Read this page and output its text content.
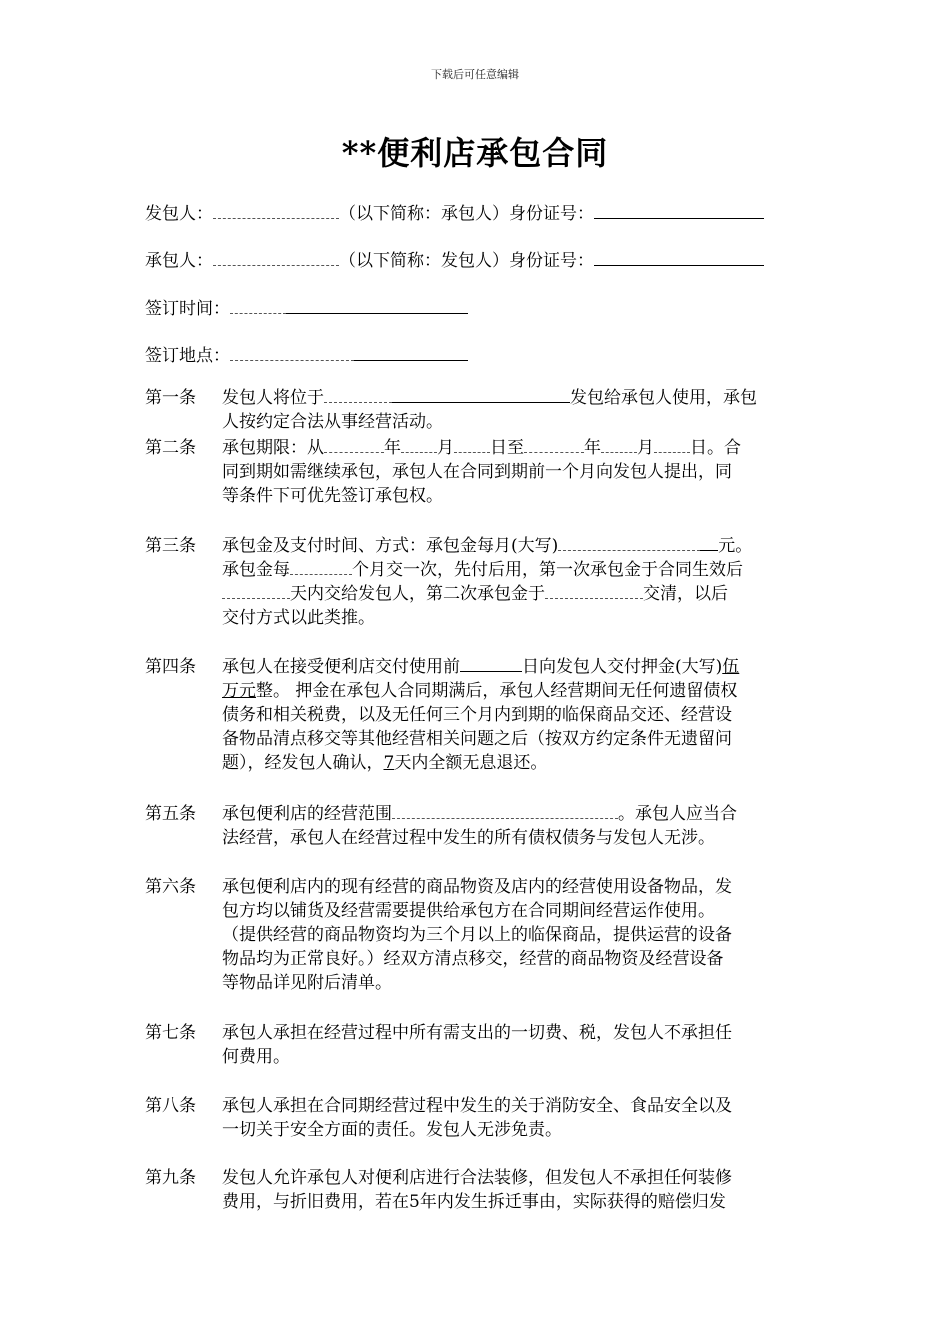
下载后可任意编辑
**便利店承包合同
发包人：	（以下简称：承包人）身份证号：
承包人：	（以下简称：发包人）身份证号：
签订时间：
签订地点：
第一条	发包人将位于	发包给承包人使用，承包
人按约定合法从事经营活动。
第二条	承包期限：从	年 月 日至	年 月 日。合
同到期如需继续承包，承包人在合同到期前一个月向发包人提出，同
等条件下可优先签订承包权。
第三条	承包金及支付时间、方式：承包金每月(大写)	元。
承包金每	个月交一次，先付后用，第一次承包金于合同生效后
天内交给发包人，第二次承包金于	交清，以后
交付方式以此类推。
第四条	承包人在接受便利店交付使用前	日向发包人交付押金(大写)伍
万元整。 押金在承包人合同期满后，承包人经营期间无任何遗留债权
债务和相关税费，以及无任何三个月内到期的临保商品交还、经营设
备物品清点移交等其他经营相关问题之后（按双方约定条件无遗留问
题），经发包人确认，7天内全额无息退还。
第五条	承包便利店的经营范围	。承包人应当合
法经营，承包人在经营过程中发生的所有债权债务与发包人无涉。
第六条	承包便利店内的现有经营的商品物资及店内的经营使用设备物品，发
包方均以铺货及经营需要提供给承包方在合同期间经营运作使用。
（提供经营的商品物资均为三个月以上的临保商品，提供运营的设备
物品均为正常良好。）经双方清点移交，经营的商品物资及经营设备
等物品详见附后清单。
第七条	承包人承担在经营过程中所有需支出的一切费、税，发包人不承担任
何费用。
第八条	承包人承担在合同期经营过程中发生的关于消防安全、食品安全以及
一切关于安全方面的责任。发包人无涉免责。
第九条	发包人允许承包人对便利店进行合法装修，但发包人不承担任何装修
费用，与折旧费用，若在5年内发生拆迁事由，实际获得的赔偿归发
